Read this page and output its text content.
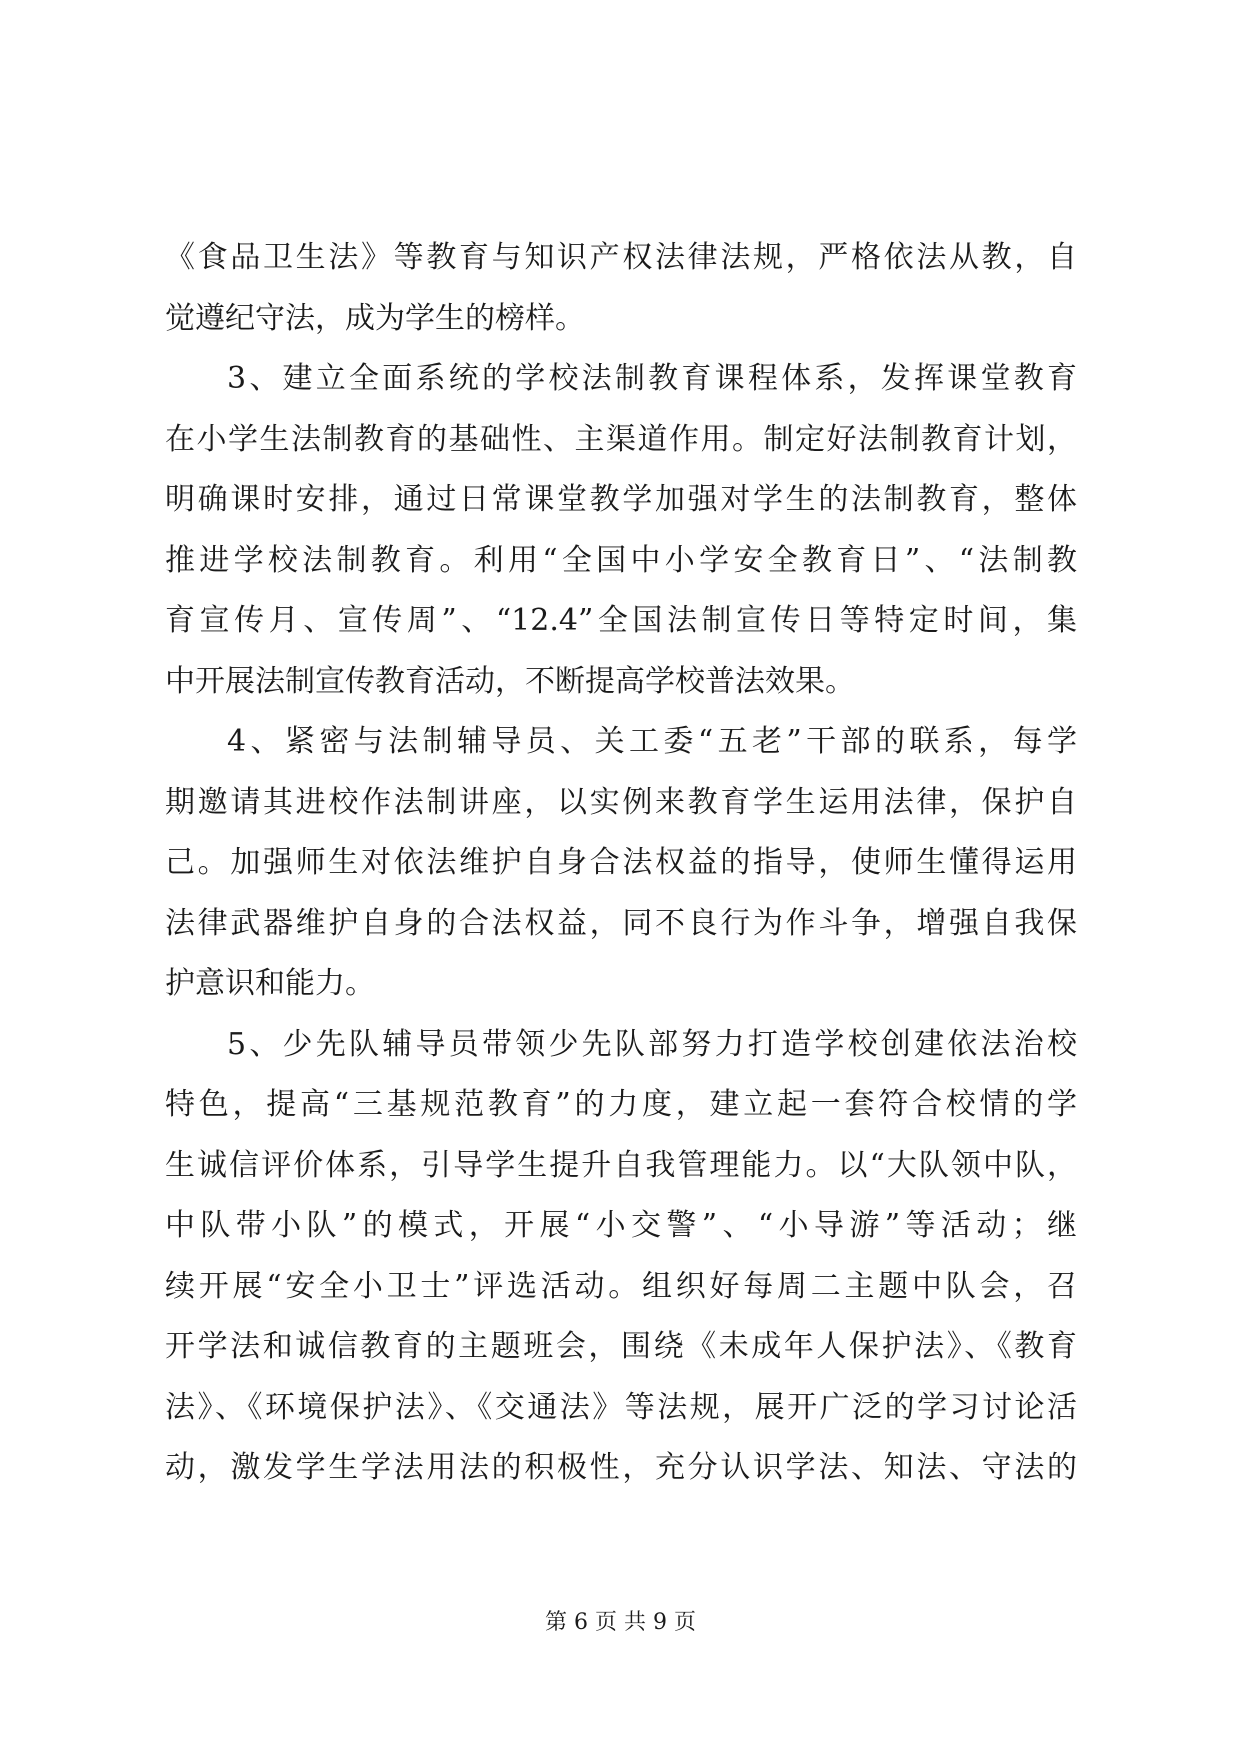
《食品卫生法》等教育与知识产权法律法规，严格依法从教，自
觉遵纪守法，成为学生的榜样。
3、建立全面系统的学校法制教育课程体系，发挥课堂教育
在小学生法制教育的基础性、主渠道作用。制定好法制教育计划，
明确课时安排，通过日常课堂教学加强对学生的法制教育，整体
推进学校法制教育。利用“全国中小学安全教育日”、“法制教
育宣传月、宣传周”、“12.4”全国法制宣传日等特定时间，集
中开展法制宣传教育活动，不断提高学校普法效果。
4、紧密与法制辅导员、关工委“五老”干部的联系，每学
期邀请其进校作法制讲座，以实例来教育学生运用法律，保护自
己。加强师生对依法维护自身合法权益的指导，使师生懂得运用
法律武器维护自身的合法权益，同不良行为作斗争，增强自我保
护意识和能力。
5、少先队辅导员带领少先队部努力打造学校创建依法治校
特色，提高“三基规范教育”的力度，建立起一套符合校情的学
生诚信评价体系，引导学生提升自我管理能力。以“大队领中队，
中队带小队”的模式，开展“小交警”、“小导游”等活动；继
续开展“安全小卫士”评选活动。组织好每周二主题中队会，召
开学法和诚信教育的主题班会，围绕《未成年人保护法》、《教育
法》、《环境保护法》、《交通法》等法规，展开广泛的学习讨论活
动，激发学生学法用法的积极性，充分认识学法、知法、守法的
第 6 页 共 9 页
